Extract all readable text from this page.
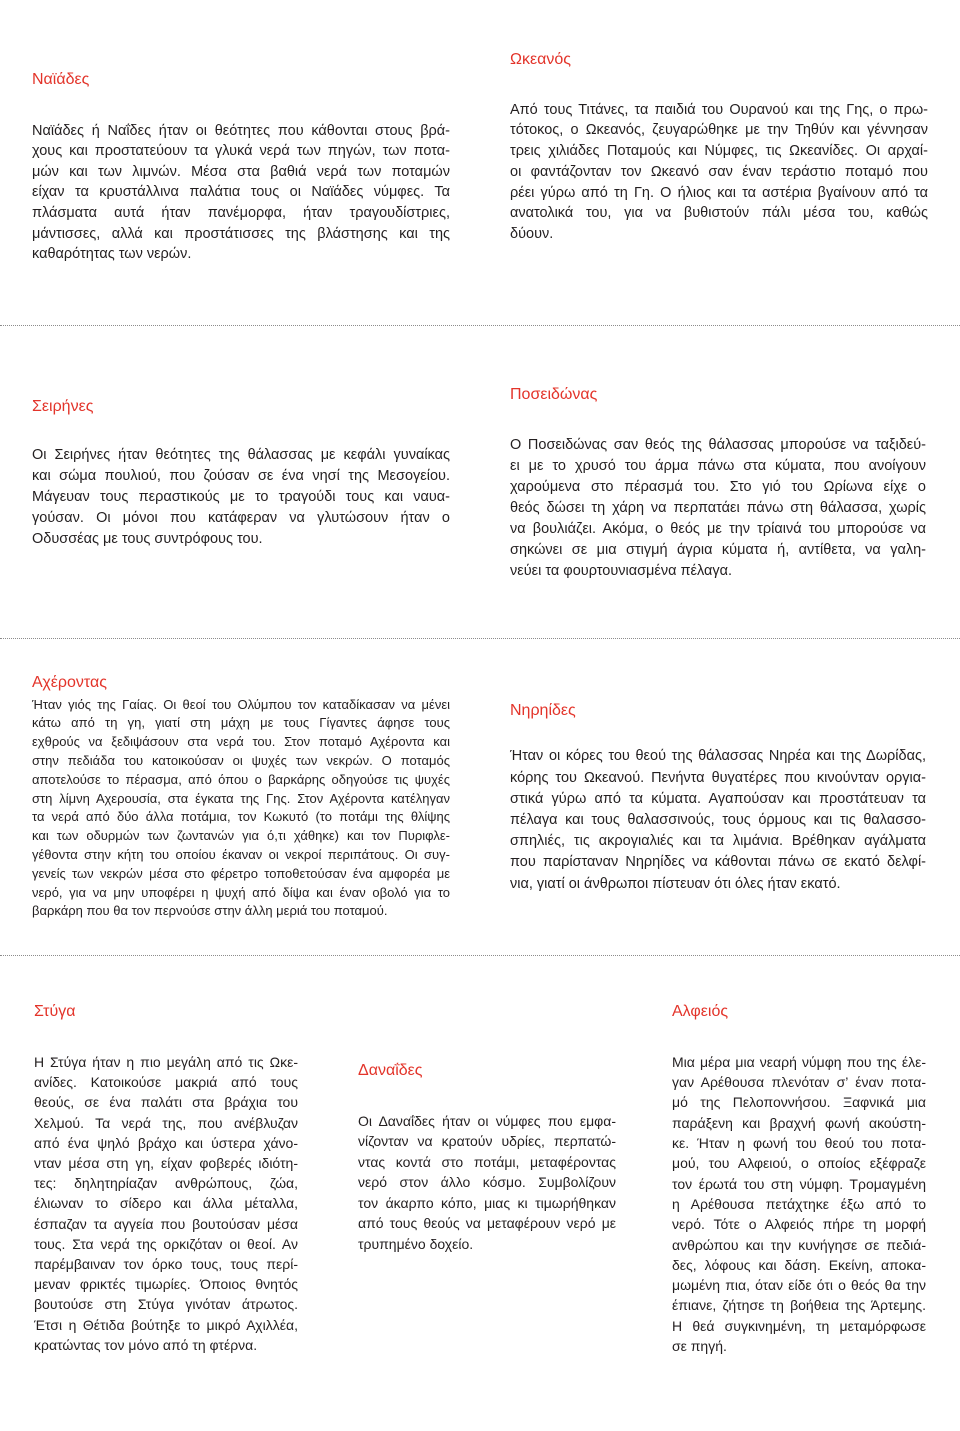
Ναϊάδες
Ναϊάδες ή Ναΐδες ήταν οι θεότητες που κάθονται στους βρά-
χους και προστατεύουν τα γλυκά νερά των πηγών, των ποτα-
μών και των λιμνών. Μέσα στα βαθιά νερά των ποταμών
είχαν τα κρυστάλλινα παλάτια τους οι Ναϊάδες νύμφες. Τα
πλάσματα αυτά ήταν πανέμορφα, ήταν τραγουδίστριες,
μάντισσες, αλλά και προστάτισσες της βλάστησης και της
καθαρότητας των νερών.
Ωκεανός
Από τους Τιτάνες, τα παιδιά του Ουρανού και της Γης, ο πρω-
τότοκος, ο Ωκεανός, ζευγαρώθηκε με την Τηθύν και γέννησαν
τρεις χιλιάδες Ποταμούς και Νύμφες, τις Ωκεανίδες. Οι αρχαί-
οι φαντάζονταν τον Ωκεανό σαν έναν τεράστιο ποταμό που
ρέει γύρω από τη Γη. Ο ήλιος και τα αστέρια βγαίνουν από τα
ανατολικά του, για να βυθιστούν πάλι μέσα του, καθώς
δύουν.
Σειρήνες
Οι Σειρήνες ήταν θεότητες της θάλασσας με κεφάλι γυναίκας
και σώμα πουλιού, που ζούσαν σε ένα νησί της Μεσογείου.
Μάγευαν τους περαστικούς με το τραγούδι τους και ναυα-
γούσαν. Οι μόνοι που κατάφεραν να γλυτώσουν ήταν ο
Οδυσσέας με τους συντρόφους του.
Ποσειδώνας
Ο Ποσειδώνας σαν θεός της θάλασσας μπορούσε να ταξιδεύ-
ει με το χρυσό του άρμα πάνω στα κύματα, που ανοίγουν
χαρούμενα στο πέρασμά του. Στο γιό του Ωρίωνα είχε ο
θεός δώσει τη χάρη να περπατάει πάνω στη θάλασσα, χωρίς
να βουλιάζει. Ακόμα, ο θεός με την τρίαινά του μπορούσε να
σηκώνει σε μια στιγμή άγρια κύματα ή, αντίθετα, να γαλη-
νεύει τα φουρτουνιασμένα πέλαγα.
Αχέροντας
Ήταν γιός της Γαίας. Οι θεοί του Ολύμπου τον καταδίκασαν να μένει
κάτω από τη γη, γιατί στη μάχη με τους Γίγαντες άφησε τους
εχθρούς να ξεδιψάσουν στα νερά του. Στον ποταμό Αχέροντα και
στην πεδιάδα του κατοικούσαν οι ψυχές των νεκρών. Ο ποταμός
αποτελούσε το πέρασμα, από όπου ο βαρκάρης οδηγούσε τις ψυχές
στη λίμνη Αχερουσία, στα έγκατα της Γης. Στον Αχέροντα κατέληγαν
τα νερά από δύο άλλα ποτάμια, τον Κωκυτό (το ποτάμι της θλίψης
και των οδυρμών των ζωντανών για ό,τι χάθηκε) και τον Πυριφλε-
γέθοντα στην κήτη του οποίου έκαναν οι νεκροί περιπάτους. Οι συγ-
γενείς των νεκρών μέσα στο φέρετρο τοποθετούσαν ένα αμφορέα με
νερό, για να μην υποφέρει η ψυχή από δίψα και έναν οβολό για το
βαρκάρη που θα τον περνούσε στην άλλη μεριά του ποταμού.
Νηρηίδες
Ήταν οι κόρες του θεού της θάλασσας Νηρέα και της Δωρίδας,
κόρης του Ωκεανού. Πενήντα θυγατέρες που κινούνταν οργια-
στικά γύρω από τα κύματα. Αγαπούσαν και προστάτευαν τα
πέλαγα και τους θαλασσινούς, τους όρμους και τις θαλασσο-
σπηλιές, τις ακρογιαλιές και τα λιμάνια. Βρέθηκαν αγάλματα
που παρίσταναν Νηρηίδες να κάθονται πάνω σε εκατό δελφί-
νια, γιατί οι άνθρωποι πίστευαν ότι όλες ήταν εκατό.
Στύγα
Η Στύγα ήταν η πιο μεγάλη από τις Ωκε-
ανίδες. Κατοικούσε μακριά από τους
θεούς, σε ένα παλάτι στα βράχια του
Χελμού. Τα νερά της, που ανέβλυζαν
από ένα ψηλό βράχο και ύστερα χάνο-
νταν μέσα στη γη, είχαν φοβερές ιδιότη-
τες: δηλητηρίαζαν ανθρώπους, ζώα,
έλιωναν το σίδερο και άλλα μέταλλα,
έσπαζαν τα αγγεία που βουτούσαν μέσα
τους. Στα νερά της ορκιζόταν οι θεοί. Αν
παρέμβαιναν τον όρκο τους, τους περί-
μεναν φρικτές τιμωρίες. Όποιος θνητός
βουτούσε στη Στύγα γινόταν άτρωτος.
Έτσι η Θέτιδα βούτηξε το μικρό Αχιλλέα,
κρατώντας τον μόνο από τη φτέρνα.
Δαναΐδες
Οι Δαναΐδες ήταν οι νύμφες που εμφα-
νίζονταν να κρατούν υδρίες, περπατώ-
ντας κοντά στο ποτάμι, μεταφέροντας
νερό στον άλλο κόσμο. Συμβολίζουν
τον άκαρπο κόπο, μιας κι τιμωρήθηκαν
από τους θεούς να μεταφέρουν νερό με
τρυπημένο δοχείο.
Αλφειός
Μια μέρα μια νεαρή νύμφη που της έλε-
γαν Αρέθουσα πλενόταν σ’ έναν ποτα-
μό της Πελοποννήσου. Ξαφνικά μια
παράξενη και βραχνή φωνή ακούστη-
κε. Ήταν η φωνή του θεού του ποτα-
μού, του Αλφειού, ο οποίος εξέφραζε
τον έρωτά του στη νύμφη. Τρομαγμένη
η Αρέθουσα πετάχτηκε έξω από το
νερό. Τότε ο Αλφειός πήρε τη μορφή
ανθρώπου και την κυνήγησε σε πεδιά-
δες, λόφους και δάση. Εκείνη, αποκα-
μωμένη πια, όταν είδε ότι ο θεός θα την
έπιανε, ζήτησε τη βοήθεια της Άρτεμης.
Η θεά συγκινημένη, τη μεταμόρφωσε
σε πηγή.
